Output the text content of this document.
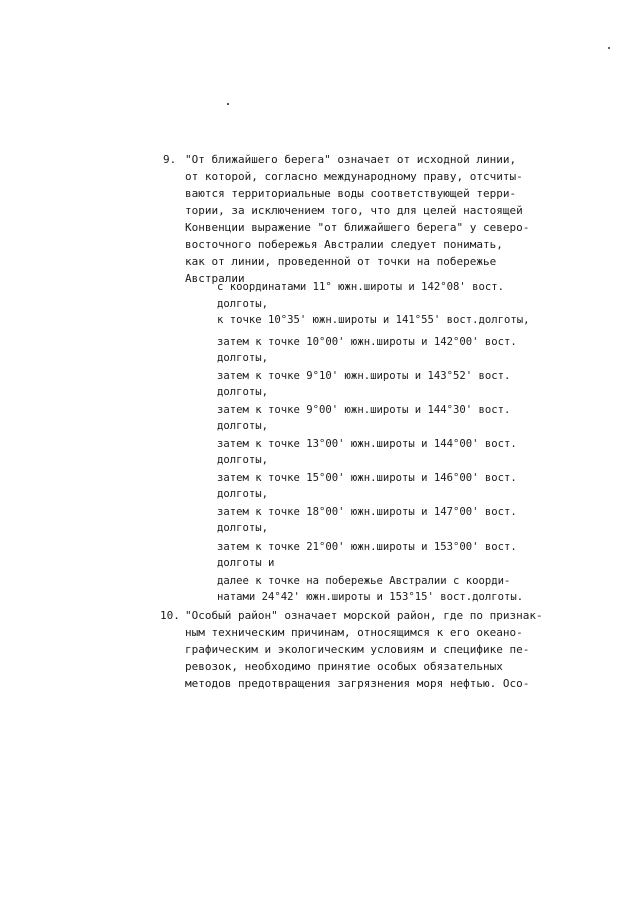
9. "От ближайшего берега" означает от исходной линии,
от которой, согласно международному праву, отсчиты-
ваются территориальные воды соответствующей терри-
тории, за исключением того, что для целей настоящей
Конвенции выражение "от ближайшего берега" у северо-
восточного побережья Австралии следует понимать,
как от линии, проведенной от точки на побережье
Австралии
с координатами 11° южн.широты и 142°08' вост.
долготы,
к точке 10°35' южн.широты и 141°55' вост.долготы,
затем к точке 10°00' южн.широты и 142°00' вост.
долготы,
затем к точке 9°10' южн.широты и 143°52' вост.
долготы,
затем к точке 9°00' южн.широты и 144°30' вост.
долготы,
затем к точке 13°00' южн.широты и 144°00' вост.
долготы,
затем к точке 15°00' южн.широты и 146°00' вост.
долготы,
затем к точке 18°00' южн.широты и 147°00' вост.
долготы,
затем к точке 21°00' южн.широты и 153°00' вост.
долготы и
далее к точке на побережье Австралии с коорди-
натами 24°42' южн.широты и 153°15' вост.долготы.
10. "Особый район" означает морской район, где по признак-
ным техническим причинам, относящимся к его океано-
графическим и экологическим условиям и специфике пе-
ревозок, необходимо принятие особых обязательных
методов предотвращения загрязнения моря нефтью. Осо-
